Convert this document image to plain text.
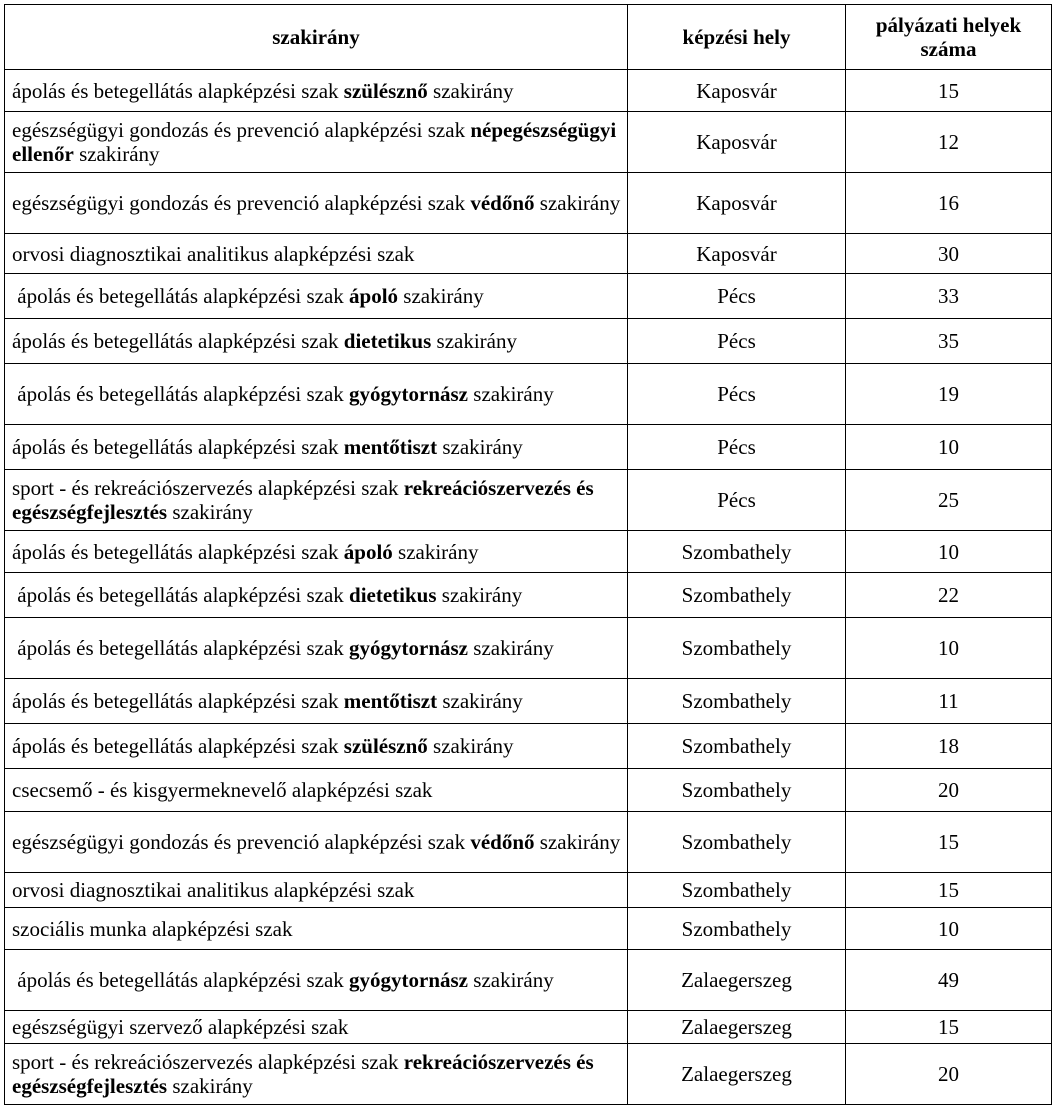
szakirány	képzési hely	pályázati helyek
száma
ápolás és betegellátás alapképzési szak szülésznő szakirány	Kaposvár	15
egészségügyi gondozás és prevenció alapképzési szak népegészségügyi ellenőr szakirány	Kaposvár	12
egészségügyi gondozás és prevenció alapképzési szak védőnő szakirány	Kaposvár	16
orvosi diagnosztikai analitikus alapképzési szak	Kaposvár	30
ápolás és betegellátás alapképzési szak ápoló szakirány	Pécs	33
ápolás és betegellátás alapképzési szak dietetikus szakirány	Pécs	35
ápolás és betegellátás alapképzési szak gyógytornász szakirány	Pécs	19
ápolás és betegellátás alapképzési szak mentőtiszt szakirány	Pécs	10
sport - és rekreációszervezés alapképzési szak rekreációszervezés és egészségfejlesztés szakirány	Pécs	25
ápolás és betegellátás alapképzési szak ápoló szakirány	Szombathely	10
ápolás és betegellátás alapképzési szak dietetikus szakirány	Szombathely	22
ápolás és betegellátás alapképzési szak gyógytornász szakirány	Szombathely	10
ápolás és betegellátás alapképzési szak mentőtiszt szakirány	Szombathely	11
ápolás és betegellátás alapképzési szak szülésznő szakirány	Szombathely	18
csecsemő - és kisgyermeknevelő alapképzési szak	Szombathely	20
egészségügyi gondozás és prevenció alapképzési szak védőnő szakirány	Szombathely	15
orvosi diagnosztikai analitikus alapképzési szak	Szombathely	15
szociális munka alapképzési szak	Szombathely	10
ápolás és betegellátás alapképzési szak gyógytornász szakirány	Zalaegerszeg	49
egészségügyi szervező alapképzési szak	Zalaegerszeg	15
sport - és rekreációszervezés alapképzési szak rekreációszervezés és egészségfejlesztés szakirány	Zalaegerszeg	20
